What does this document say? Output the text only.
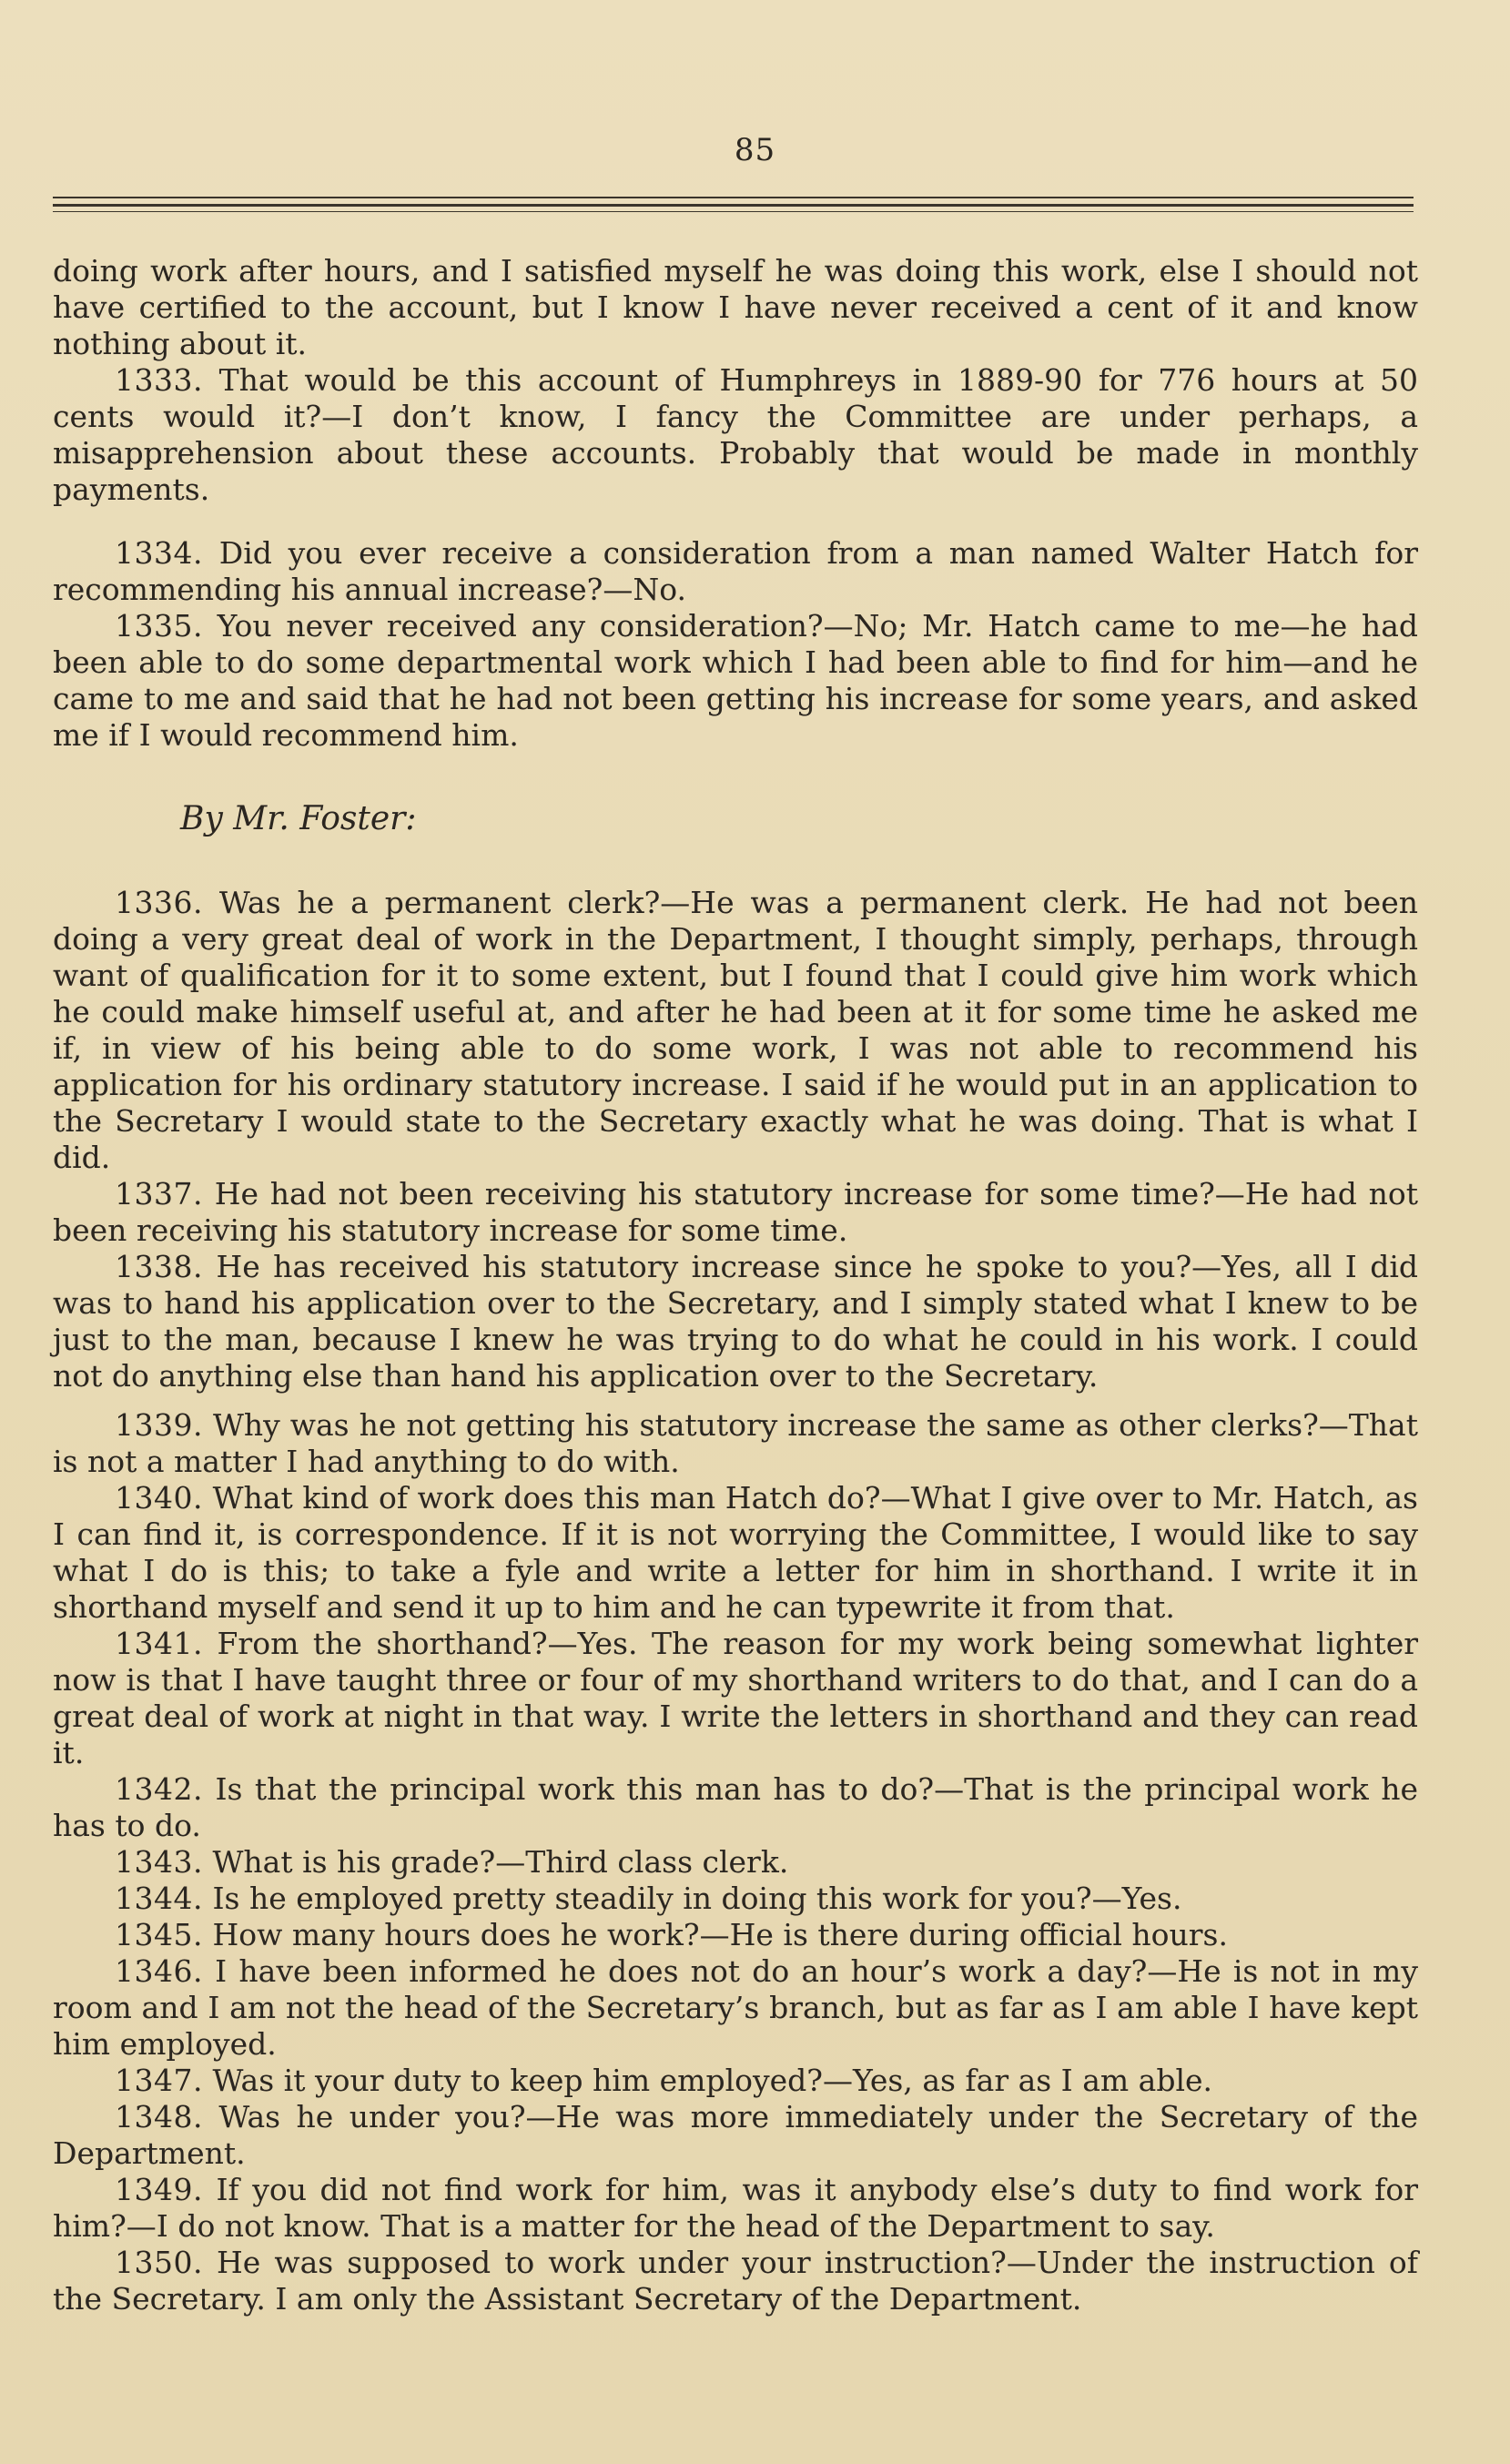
85

doing work after hours, and I satisfied myself he was doing this work, else I should not have certified to the account, but I know I have never received a cent of it and know nothing about it.

1333. That would be this account of Humphreys in 1889-90 for 776 hours at 50 cents would it?—I don’t know, I fancy the Committee are under perhaps, a misapprehension about these accounts. Probably that would be made in monthly payments.

1334. Did you ever receive a consideration from a man named Walter Hatch for recommending his annual increase?—No.

1335. You never received any consideration?—No; Mr. Hatch came to me—he had been able to do some departmental work which I had been able to find for him—and he came to me and said that he had not been getting his increase for some years, and asked me if I would recommend him.

By Mr. Foster:

1336. Was he a permanent clerk?—He was a permanent clerk. He had not been doing a very great deal of work in the Department, I thought simply, perhaps, through want of qualification for it to some extent, but I found that I could give him work which he could make himself useful at, and after he had been at it for some time he asked me if, in view of his being able to do some work, I was not able to recommend his application for his ordinary statutory increase. I said if he would put in an application to the Secretary I would state to the Secretary exactly what he was doing. That is what I did.

1337. He had not been receiving his statutory increase for some time?—He had not been receiving his statutory increase for some time.

1338. He has received his statutory increase since he spoke to you?—Yes, all I did was to hand his application over to the Secretary, and I simply stated what I knew to be just to the man, because I knew he was trying to do what he could in his work. I could not do anything else than hand his application over to the Secretary.

1339. Why was he not getting his statutory increase the same as other clerks?—That is not a matter I had anything to do with.

1340. What kind of work does this man Hatch do?—What I give over to Mr. Hatch, as I can find it, is correspondence. If it is not worrying the Committee, I would like to say what I do is this; to take a fyle and write a letter for him in shorthand. I write it in shorthand myself and send it up to him and he can typewrite it from that.

1341. From the shorthand?—Yes. The reason for my work being somewhat lighter now is that I have taught three or four of my shorthand writers to do that, and I can do a great deal of work at night in that way. I write the letters in shorthand and they can read it.

1342. Is that the principal work this man has to do?—That is the principal work he has to do.

1343. What is his grade?—Third class clerk.

1344. Is he employed pretty steadily in doing this work for you?—Yes.

1345. How many hours does he work?—He is there during official hours.

1346. I have been informed he does not do an hour’s work a day?—He is not in my room and I am not the head of the Secretary’s branch, but as far as I am able I have kept him employed.

1347. Was it your duty to keep him employed?—Yes, as far as I am able.

1348. Was he under you?—He was more immediately under the Secretary of the Department.

1349. If you did not find work for him, was it anybody else’s duty to find work for him?—I do not know. That is a matter for the head of the Department to say.

1350. He was supposed to work under your instruction?—Under the instruction of the Secretary. I am only the Assistant Secretary of the Department.
